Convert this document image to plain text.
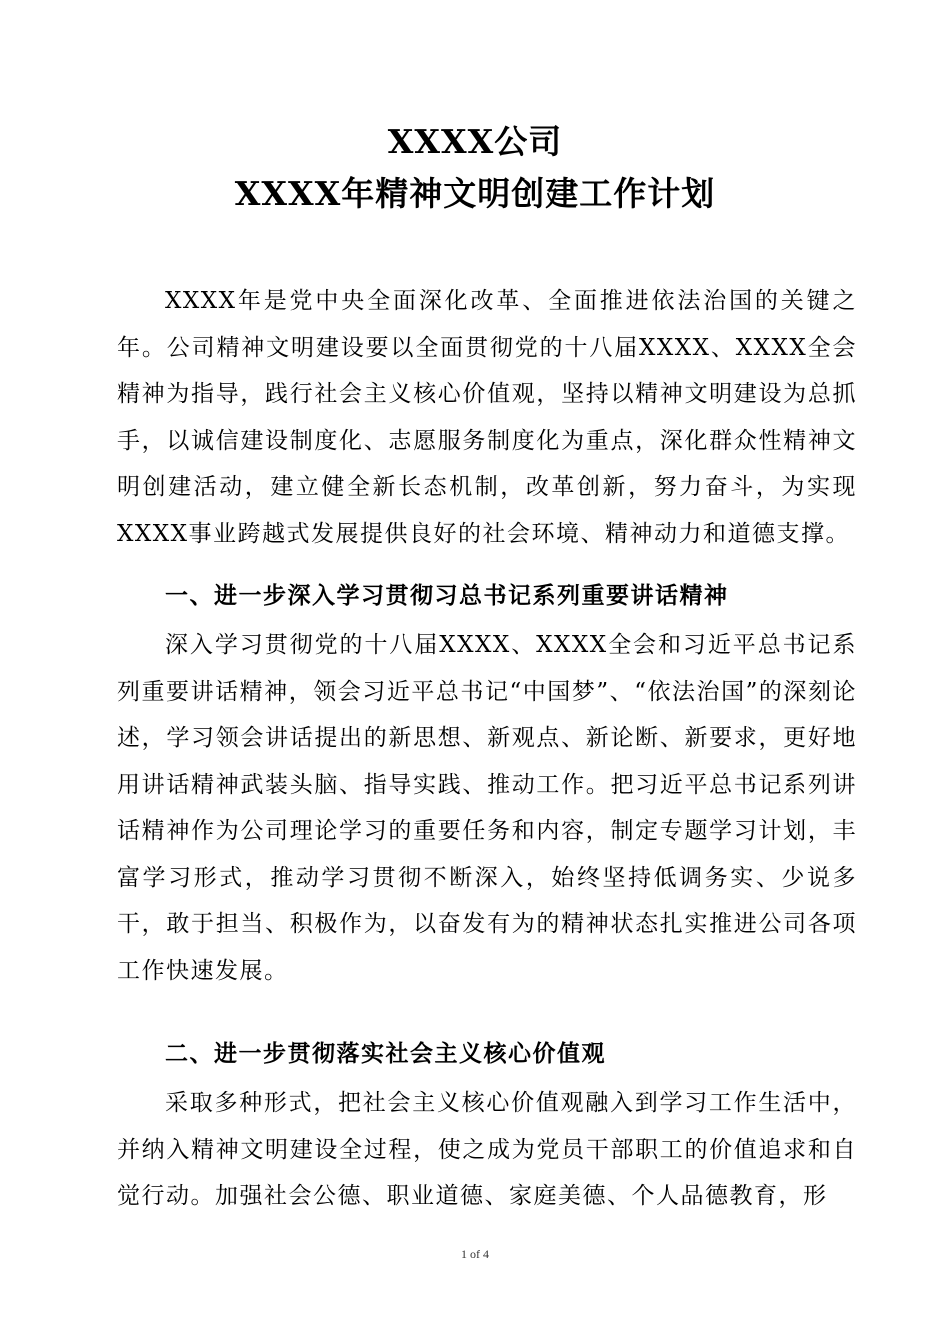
XXXX公司
XXXX年精神文明创建工作计划

XXXX年是党中央全面深化改革、全面推进依法治国的关键之年。公司精神文明建设要以全面贯彻党的十八届XXXX、XXXX全会精神为指导，践行社会主义核心价值观，坚持以精神文明建设为总抓手，以诚信建设制度化、志愿服务制度化为重点，深化群众性精神文明创建活动，建立健全新长态机制，改革创新，努力奋斗，为实现XXXX事业跨越式发展提供良好的社会环境、精神动力和道德支撑。

一、进一步深入学习贯彻习总书记系列重要讲话精神

深入学习贯彻党的十八届XXXX、XXXX全会和习近平总书记系列重要讲话精神，领会习近平总书记“中国梦”、“依法治国”的深刻论述，学习领会讲话提出的新思想、新观点、新论断、新要求，更好地用讲话精神武装头脑、指导实践、推动工作。把习近平总书记系列讲话精神作为公司理论学习的重要任务和内容，制定专题学习计划，丰富学习形式，推动学习贯彻不断深入，始终坚持低调务实、少说多干，敢于担当、积极作为，以奋发有为的精神状态扎实推进公司各项工作快速发展。

二、进一步贯彻落实社会主义核心价值观

采取多种形式，把社会主义核心价值观融入到学习工作生活中，并纳入精神文明建设全过程，使之成为党员干部职工的价值追求和自觉行动。加强社会公德、职业道德、家庭美德、个人品德教育，形

1 of 4
